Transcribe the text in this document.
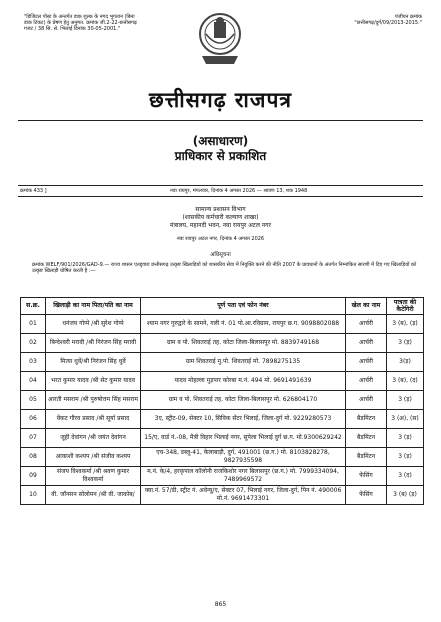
"डिजिटल पोस्ट के अन्तर्गत डाक शुल्क के नगद भुगतान (बिना डाक टिकट) के प्रेषण हेतु अनुमत. क्रमांक जी.2-22-छत्तीसगढ़ गजट / 38 सि. से. भिलाई दिनांक 30-05-2001."
पंजीयन क्रमांक
"छत्तीसगढ़/दुर्ग/09/2013-2015."
छत्तीसगढ़ राजपत्र
(असाधारण)
प्राधिकार से प्रकाशित
क्रमांक 433 ]	नवा रायपुर, मंगलवार, दिनांक 4 अगस्त 2026 — श्रावण 13, शक 1948
सामान्य प्रशासन विभाग
(शासकीय कर्मचारी कल्याण शाखा)
मंत्रालय, महानदी भवन, नवा रायपुर अटल नगर
नवा रायपुर अटल नगर, दिनांक 4 अगस्त 2026
अधिसूचना
क्रमांक WELF/901/2026/GAD-9.— राज्य शासन एतद्द्वारा छत्तीसगढ़ उत्कृष्ट खिलाड़ियों को शासकीय सेवा में नियुक्ति करने की नीति 2007 के प्रावधानों के अंतर्गत निम्नांकित सारणी में दिए गए खिलाड़ियों को उत्कृष्ट खिलाड़ी घोषित करती है :—
स.क्र.	खिलाड़ी का नाम पिता/पति का नाम	पूर्ण पता एवं फोन नंबर	खेल का नाम	पात्रता की कैटेगिरी
01	धनंजय गोप्पे /श्री सुरेश गोप्पे	श्याम नगर गुरुद्वारे के सामने, गली नं. 01 पो.आ.रविग्राम, रायपुर छ.ग. 9098802088	आर्चरी	3 (ब), (ड़)
02	बिन्देश्वरी मरावी /श्री निरंजन सिंह मरावी	ग्राम व पो. शिवतराई तह. कोटा जिला-बिलासपुर मो. 8839749168	आर्चरी	3 (ड़)
03	मित्या धुर्वे/श्री निरंजन सिंह धुर्वे	ग्राम शिवतराई मु.पो. शिवतराई मो. 7898275135	आर्चरी	3(ड़)
04	भरत कुमार यादव /श्री सेट कुमार यादव	यादव मोहल्ला मुड़पार कोरबा म.नं. 494 मो. 9691491639	आर्चरी	3 (ब), (द)
05	आरती मसराम /श्री पुरुषोत्तम सिंह मसराम	ग्राम व पो. शिवतराई तह. कोटा जिला-बिलासपुर मो. 626804170	आर्चरी	3 (ड़)
06	वेंकट गौरव प्रसाद /श्री सूर्या प्रसाद	3ए, स्ट्रीट-09, सेक्टर 10, सिविक सेंटर भिलाई, जिला-दुर्ग मो. 9229280573	बैडमिंटन	3 (अ), (स)
07	जूही देवांगन /श्री जयंत देवांगन	15/ए, वार्ड नं.-08, मैत्री विहार भिलाई नगर, सुपेला भिलाई दुर्ग छ.ग. मो.9300629242	बैडमिंटन	3 (ड़)
08	आकाशी कश्यप /श्री संजीव कश्यप	एच-348, डब्लू-41, केलाबाड़ी, दुर्ग, 491001 (छ.ग.) मो. 8103828278, 9827935598	बैडमिंटन	3 (ड़)
09	संजय विश्वकर्मा /श्री श्रवण कुमार विश्वकर्मा	म.नं. के/4, हरकृपाल कॉलोनी राजकिशोर नगर बिलासपुर (छ.ग.) मो. 7999334094, 7489969572	फेंसिंग	3 (द)
10	वी. जॉनसन सोलोमन /श्री वी. जाकोब/	क्वा.नं. 57/डी, स्ट्रीट नं. अवेन्यू/ए, सेक्टर 07, भिलाई नगर, जिला-दुर्ग, पिन नं. 490006 मो.नं. 9691473301	फेंसिंग	3 (ब) (ड़)
865
